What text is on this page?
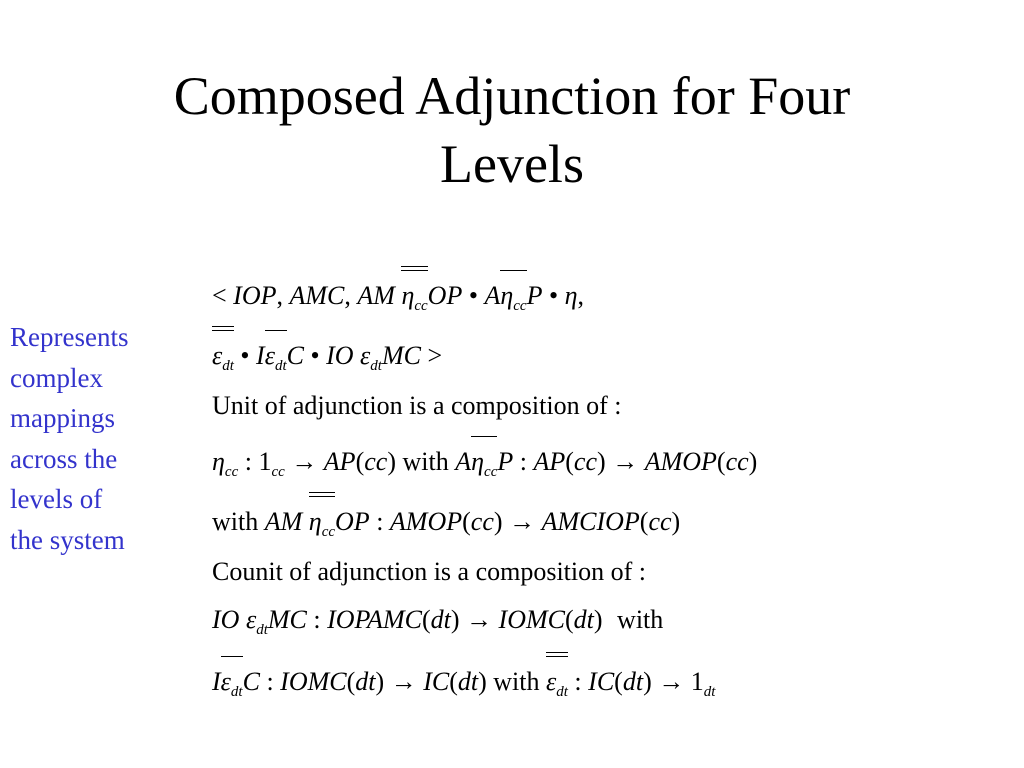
Composed Adjunction for Four
Levels
Represents
complex
mappings
across the
levels of
the system
< IOP, AMC, AM $\eta_{cc}OP$ • $A\eta_{cc}P$ • η,
$\varepsilon_{dt}$ • $I\varepsilon_{dt}C$ • IO $\varepsilon_{dt}MC$ >
Unit of adjunction is a composition of :
$\eta_{cc}$ : $1_{cc} \to AP(cc)$ with $A\eta_{cc}P$ : AP(cc) → AMOP(cc)
with AM $\eta_{cc}OP$ : AMOP(cc) → AMCIOP(cc)
Counit of adjunction is a composition of :
IO $\varepsilon_{dt}MC$ : IOPAMC(dt) → IOMC(dt) with
$I\varepsilon_{dt}C$ : IOMC(dt) → IC(dt) with $\varepsilon_{dt}$ : $IC(dt) \to 1_{dt}$
